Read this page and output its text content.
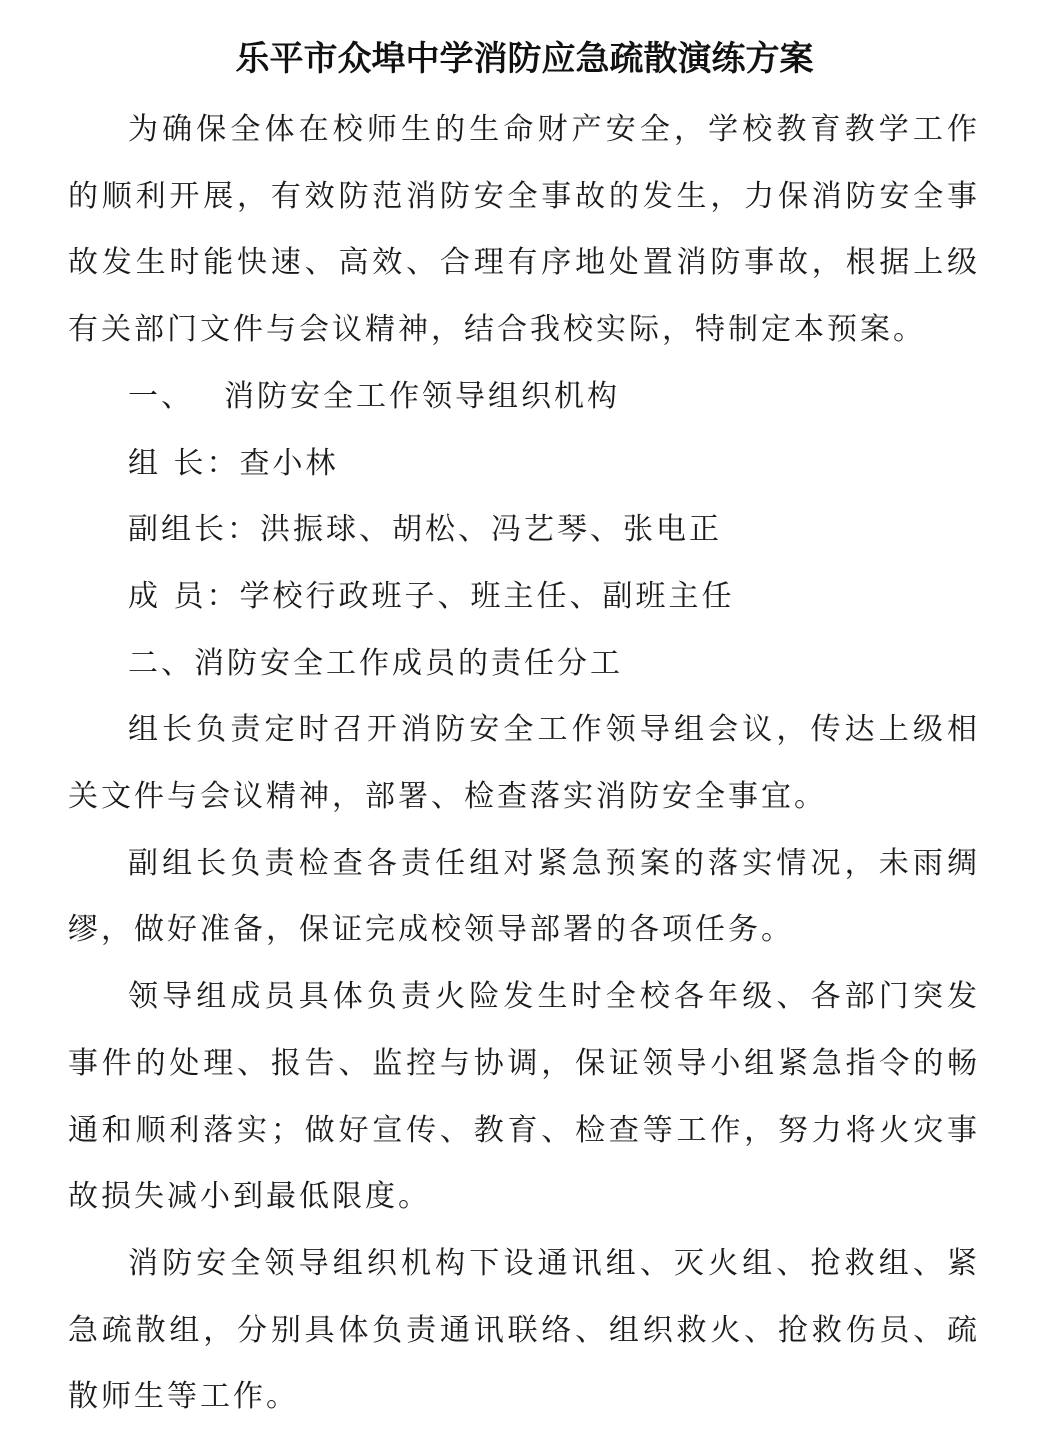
乐平市众埠中学消防应急疏散演练方案

为确保全体在校师生的生命财产安全，学校教育教学工作的顺利开展，有效防范消防安全事故的发生，力保消防安全事故发生时能快速、高效、合理有序地处置消防事故，根据上级有关部门文件与会议精神，结合我校实际，特制定本预案。

一、 消防安全工作领导组织机构

组 长：查小林

副组长：洪振球、胡松、冯艺琴、张电正

成 员：学校行政班子、班主任、副班主任

二、消防安全工作成员的责任分工

组长负责定时召开消防安全工作领导组会议，传达上级相关文件与会议精神，部署、检查落实消防安全事宜。

副组长负责检查各责任组对紧急预案的落实情况，未雨绸缪，做好准备，保证完成校领导部署的各项任务。

领导组成员具体负责火险发生时全校各年级、各部门突发事件的处理、报告、监控与协调，保证领导小组紧急指令的畅通和顺利落实；做好宣传、教育、检查等工作，努力将火灾事故损失减小到最低限度。

消防安全领导组织机构下设通讯组、灭火组、抢救组、紧急疏散组，分别具体负责通讯联络、组织救火、抢救伤员、疏散师生等工作。
